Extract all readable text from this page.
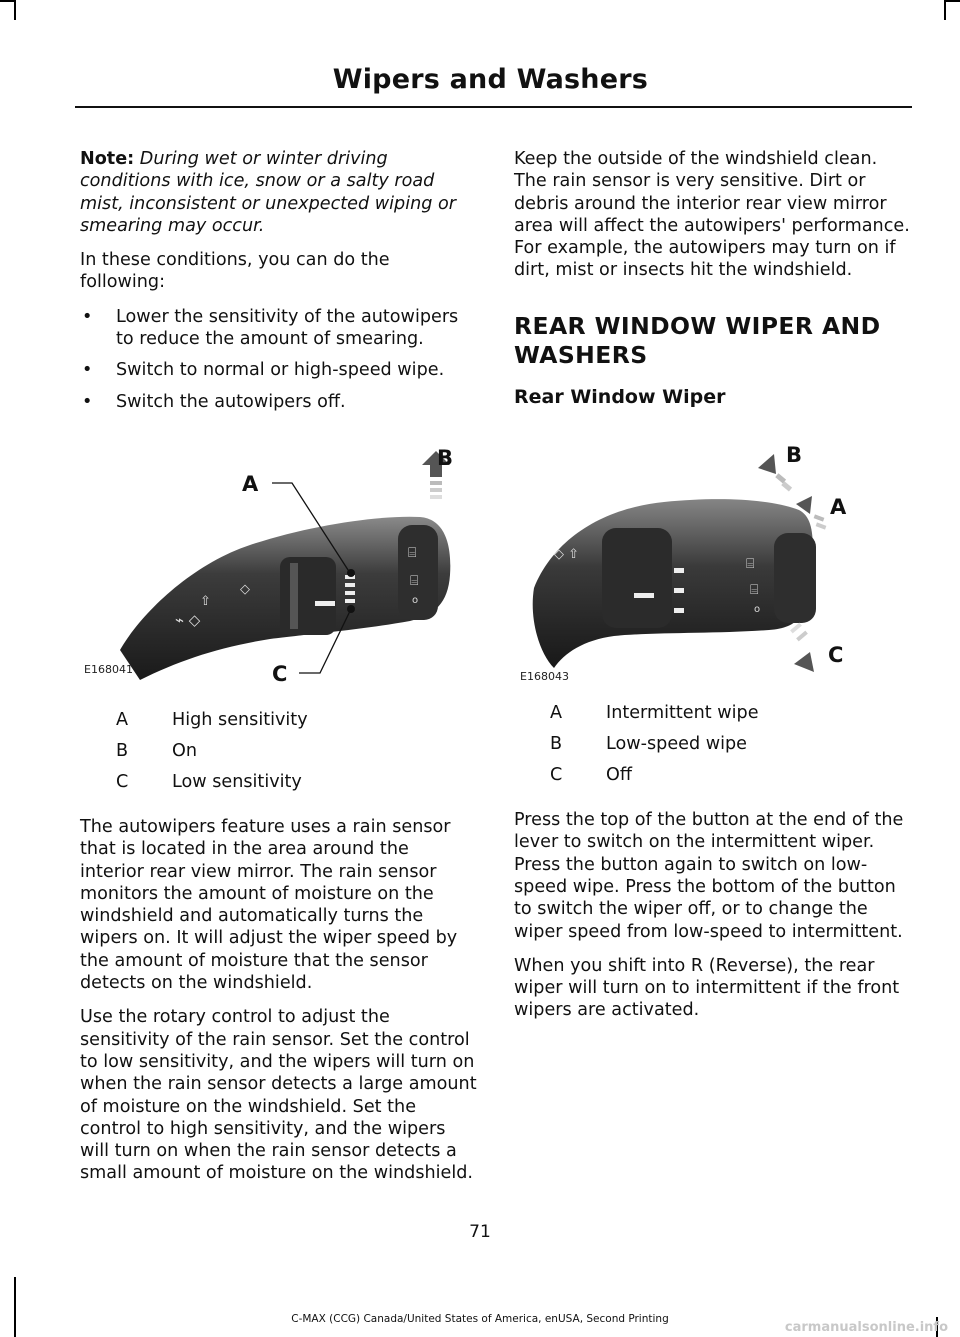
Wipers and Washers

Note: During wet or winter driving conditions with ice, snow or a salty road mist, inconsistent or unexpected wiping or smearing may occur.

In these conditions, you can do the following:

• Lower the sensitivity of the autowipers to reduce the amount of smearing.
• Switch to normal or high-speed wipe.
• Switch the autowipers off.
⌸
⌸
o
⌁ ◇
⇧
◇
A
B
C
E168041
A	High sensitivity
B	On
C	Low sensitivity

The autowipers feature uses a rain sensor that is located in the area around the interior rear view mirror. The rain sensor monitors the amount of moisture on the windshield and automatically turns the wipers on. It will adjust the wiper speed by the amount of moisture that the sensor detects on the windshield.

Use the rotary control to adjust the sensitivity of the rain sensor. Set the control to low sensitivity, and the wipers will turn on when the rain sensor detects a large amount of moisture on the windshield. Set the control to high sensitivity, and the wipers will turn on when the rain sensor detects a small amount of moisture on the windshield.

Keep the outside of the windshield clean. The rain sensor is very sensitive. Dirt or debris around the interior rear view mirror area will affect the autowipers' performance. For example, the autowipers may turn on if dirt, mist or insects hit the windshield.

REAR WINDOW WIPER AND WASHERS
Rear Window Wiper
⌸
⌸
o
◇ ⇧
B
A
C
E168043
A	Intermittent wipe
B	Low-speed wipe
C	Off

Press the top of the button at the end of the lever to switch on the intermittent wiper. Press the button again to switch on low-speed wipe. Press the bottom of the button to switch the wiper off, or to change the wiper speed from low-speed to intermittent.

When you shift into R (Reverse), the rear wiper will turn on to intermittent if the front wipers are activated.

71
C-MAX (CCG) Canada/United States of America, enUSA, Second Printing
carmanualsonline.info
